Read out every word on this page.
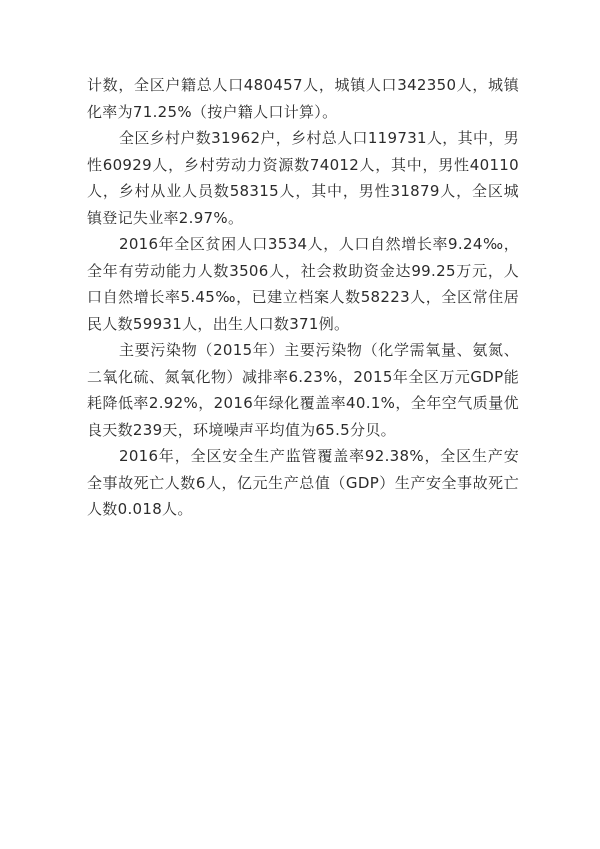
计数，全区户籍总人口480457人，城镇人口342350人，城镇化率为71.25%（按户籍人口计算）。

全区乡村户数31962户，乡村总人口119731人，其中，男性60929人，乡村劳动力资源数74012人，其中，男性40110人，乡村从业人员数58315人，其中，男性31879人，全区城镇登记失业率2.97%。

2016年全区贫困人口3534人，人口自然增长率9.24‰，全年有劳动能力人数3506人，社会救助资金达99.25万元，人口自然增长率5.45‰，已建立档案人数58223人，全区常住居民人数59931人，出生人口数371例。

主要污染物（2015年）主要污染物（化学需氧量、氨氮、二氧化硫、氮氧化物）减排率6.23%，2015年全区万元GDP能耗降低率2.92%，2016年绿化覆盖率40.1%，全年空气质量优良天数239天，环境噪声平均值为65.5分贝。

2016年，全区安全生产监管覆盖率92.38%，全区生产安全事故死亡人数6人，亿元生产总值（GDP）生产安全事故死亡人数0.018人。
